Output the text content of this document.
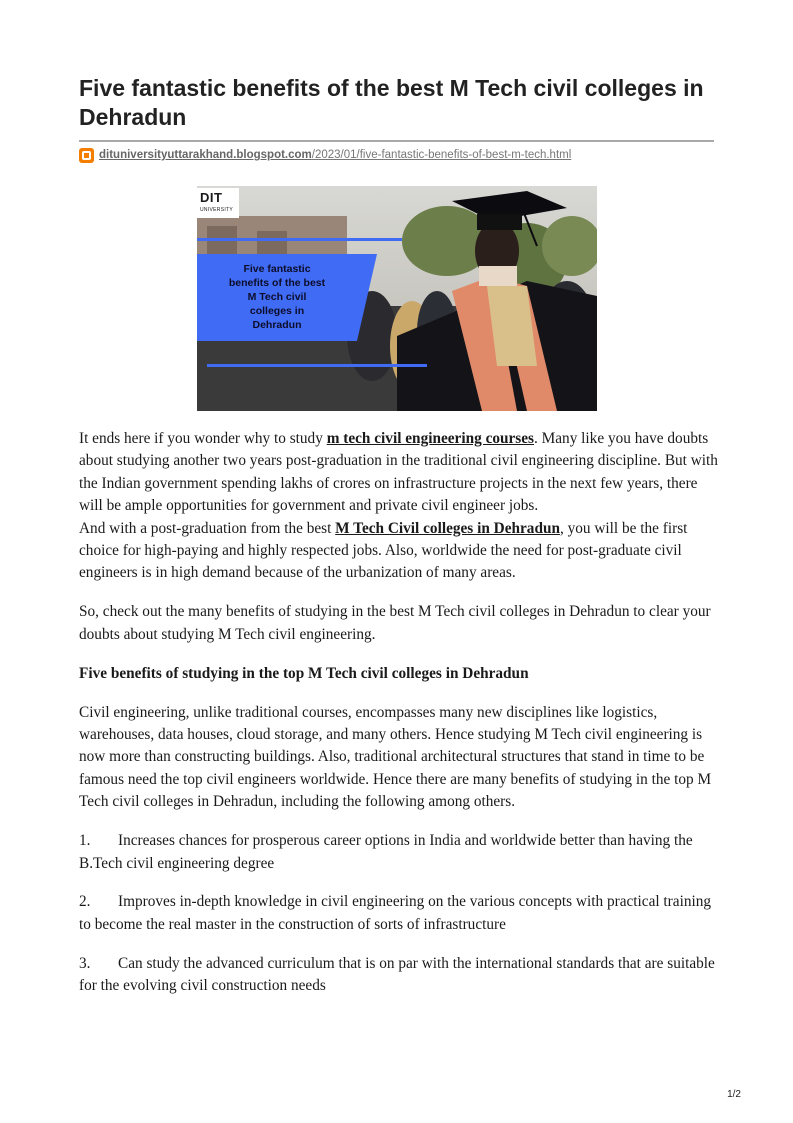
Five fantastic benefits of the best M Tech civil colleges in Dehradun
dituniversityuttarakhand.blogspot.com /2023/01/five-fantastic-benefits-of-best-m-tech.html
DIT
UNIVERSITY
Five fantastic
benefits of the best
M Tech civil
colleges in
Dehradun

It ends here if you wonder why to study m tech civil engineering courses. Many like you have doubts about studying another two years post-graduation in the traditional civil engineering discipline. But with the Indian government spending lakhs of crores on infrastructure projects in the next few years, there will be ample opportunities for government and private civil engineer jobs.

And with a post-graduation from the best M Tech Civil colleges in Dehradun, you will be the first choice for high-paying and highly respected jobs. Also, worldwide the need for post-graduate civil engineers is in high demand because of the urbanization of many areas.

So, check out the many benefits of studying in the best M Tech civil colleges in Dehradun to clear your doubts about studying M Tech civil engineering.

Five benefits of studying in the top M Tech civil colleges in Dehradun

Civil engineering, unlike traditional courses, encompasses many new disciplines like logistics, warehouses, data houses, cloud storage, and many others. Hence studying M Tech civil engineering is now more than constructing buildings. Also, traditional architectural structures that stand in time to be famous need the top civil engineers worldwide. Hence there are many benefits of studying in the top M Tech civil colleges in Dehradun, including the following among others.

1. Increases chances for prosperous career options in India and worldwide better than having the B.Tech civil engineering degree

2. Improves in-depth knowledge in civil engineering on the various concepts with practical training to become the real master in the construction of sorts of infrastructure

3. Can study the advanced curriculum that is on par with the international standards that are suitable for the evolving civil construction needs

1/2
